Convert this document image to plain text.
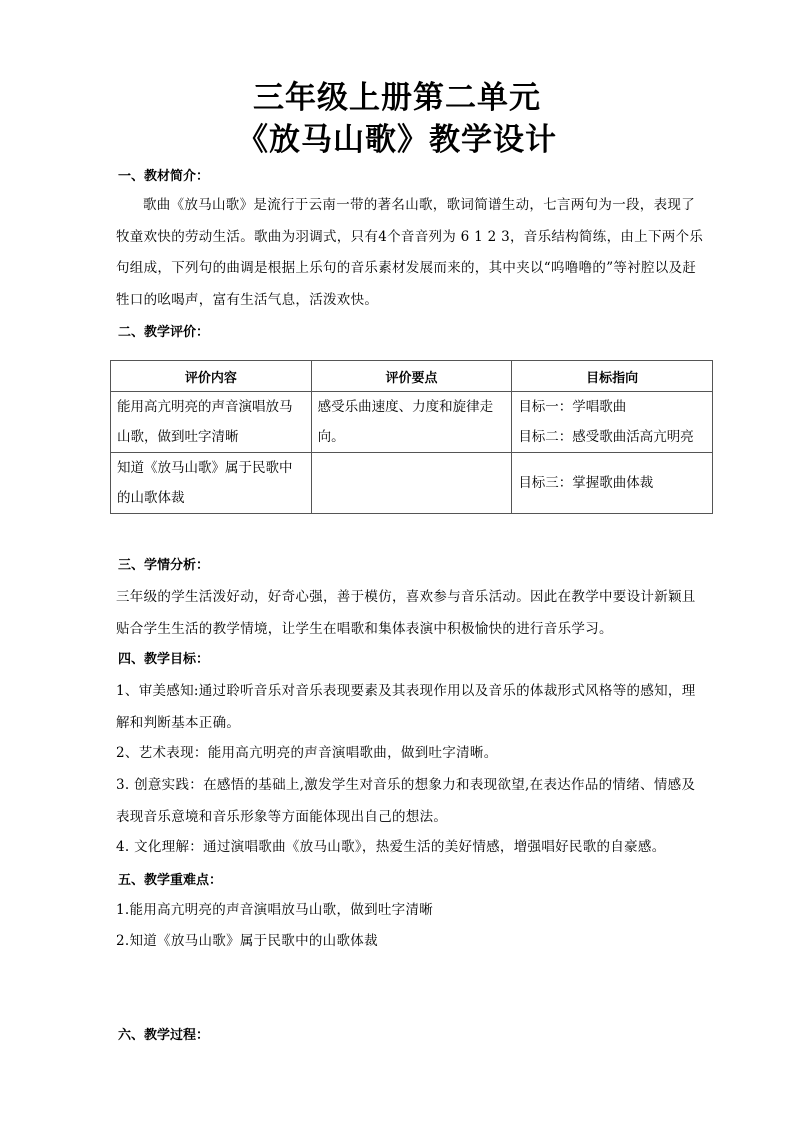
三年级上册第二单元
《放马山歌》教学设计
一、教材简介：
歌曲《放马山歌》是流行于云南一带的著名山歌，歌词简谱生动，七言两句为一段，表现了牧童欢快的劳动生活。歌曲为羽调式，只有4个音音列为 6 1 2 3，音乐结构简练，由上下两个乐句组成，下列句的曲调是根据上乐句的音乐素材发展而来的，其中夹以“呜噜噜的”等衬腔以及赶牲口的吆喝声，富有生活气息，活泼欢快。
二、教学评价：
评价内容	评价要点	目标指向
能用高亢明亮的声音演唱放马山歌，做到吐字清晰	感受乐曲速度、力度和旋律走向。	目标一：学唱歌曲
目标二：感受歌曲活高亢明亮

知道《放马山歌》属于民歌中的山歌体裁		目标三：掌握歌曲体裁
三、学情分析：
三年级的学生活泼好动，好奇心强，善于模仿，喜欢参与音乐活动。因此在教学中要设计新颖且贴合学生生活的教学情境，让学生在唱歌和集体表演中积极愉快的进行音乐学习。
四、教学目标：
1、审美感知:通过聆听音乐对音乐表现要素及其表现作用以及音乐的体裁形式风格等的感知，理解和判断基本正确。
2、艺术表现：能用高亢明亮的声音演唱歌曲，做到吐字清晰。
3. 创意实践：在感悟的基础上,激发学生对音乐的想象力和表现欲望,在表达作品的情绪、情感及表现音乐意境和音乐形象等方面能体现出自己的想法。
4. 文化理解：通过演唱歌曲《放马山歌》，热爱生活的美好情感，增强唱好民歌的自豪感。
五、教学重难点：
1.能用高亢明亮的声音演唱放马山歌，做到吐字清晰
2.知道《放马山歌》属于民歌中的山歌体裁
六、教学过程：
